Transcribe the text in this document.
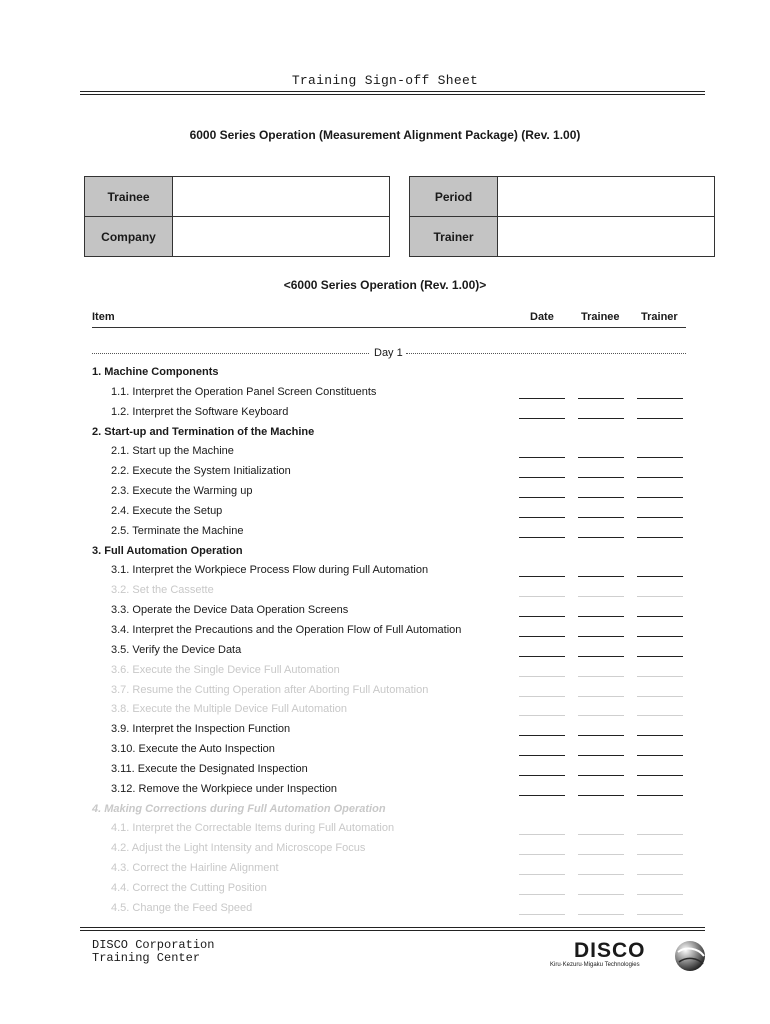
Training Sign-off Sheet
6000 Series Operation (Measurement Alignment Package) (Rev. 1.00)
Trainee	
Company	
Period	
Trainer	
<6000 Series Operation (Rev. 1.00)>
Item	Date Trainee Trainer
Day 1
1. Machine Components
1.1. Interpret the Operation Panel Screen Constituents
1.2. Interpret the Software Keyboard
2. Start-up and Termination of the Machine
2.1. Start up the Machine
2.2. Execute the System Initialization
2.3. Execute the Warming up
2.4. Execute the Setup
2.5. Terminate the Machine
3. Full Automation Operation
3.1. Interpret the Workpiece Process Flow during Full Automation
3.2. Set the Cassette
3.3. Operate the Device Data Operation Screens
3.4. Interpret the Precautions and the Operation Flow of Full Automation
3.5. Verify the Device Data
3.6. Execute the Single Device Full Automation
3.7. Resume the Cutting Operation after Aborting Full Automation
3.8. Execute the Multiple Device Full Automation
3.9. Interpret the Inspection Function
3.10. Execute the Auto Inspection
3.11. Execute the Designated Inspection
3.12. Remove the Workpiece under Inspection
4. Making Corrections during Full Automation Operation
4.1. Interpret the Correctable Items during Full Automation
4.2. Adjust the Light Intensity and Microscope Focus
4.3. Correct the Hairline Alignment
4.4. Correct the Cutting Position
4.5. Change the Feed Speed
DISCO Corporation
Training Center	DISCO
Kiru·Kezuru·Migaku Technologies
